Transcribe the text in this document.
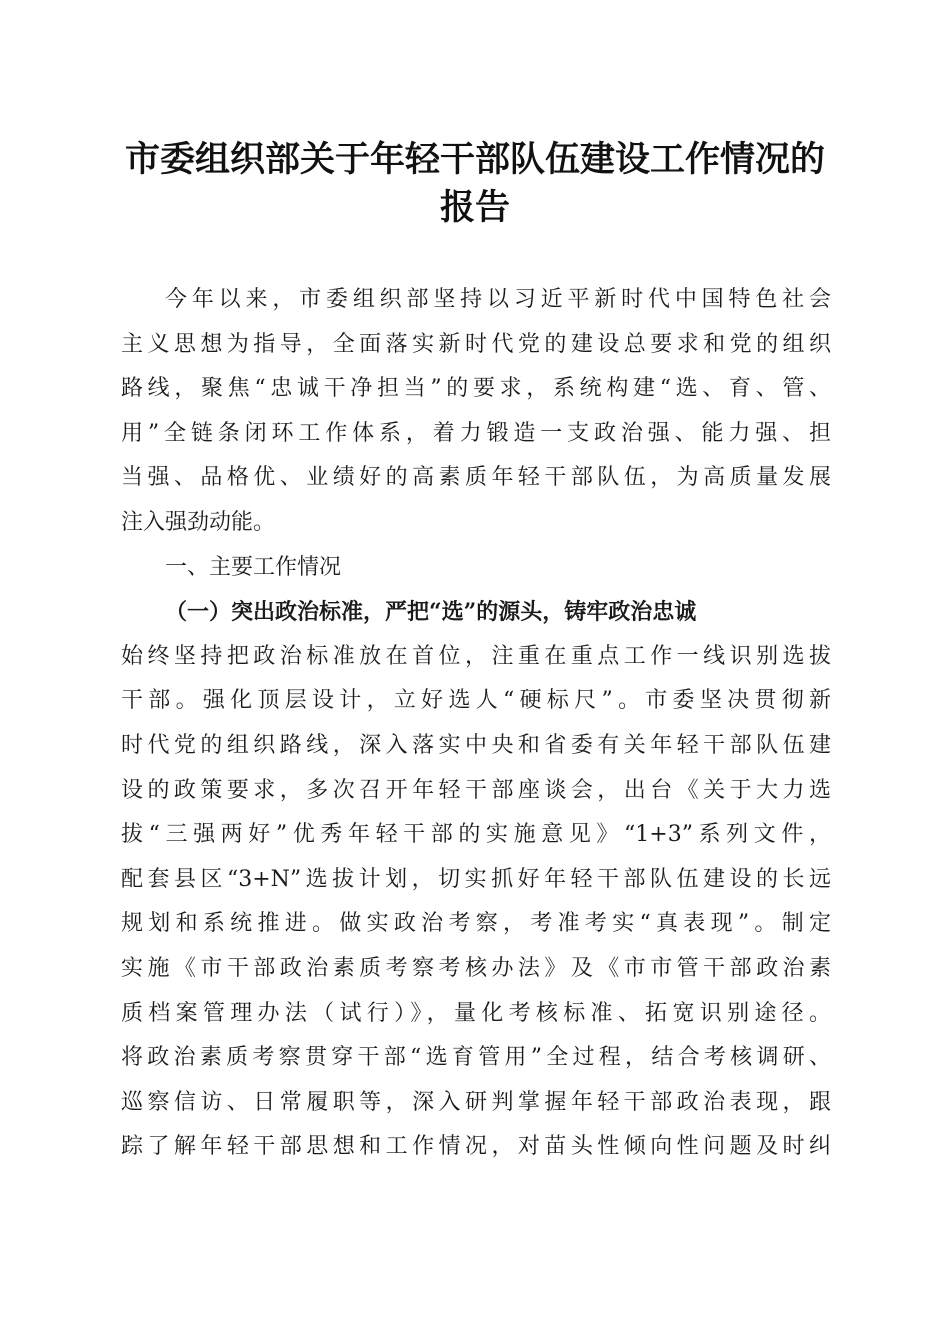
市委组织部关于年轻干部队伍建设工作情况的
报告
今年以来，市委组织部坚持以习近平新时代中国特色社会
主义思想为指导，全面落实新时代党的建设总要求和党的组织
路线，聚焦“忠诚干净担当”的要求，系统构建“选、育、管、
用”全链条闭环工作体系，着力锻造一支政治强、能力强、担
当强、品格优、业绩好的高素质年轻干部队伍，为高质量发展
注入强劲动能。
一、主要工作情况
（一）突出政治标准，严把“选”的源头，铸牢政治忠诚
始终坚持把政治标准放在首位，注重在重点工作一线识别选拔
干部。强化顶层设计，立好选人“硬标尺”。市委坚决贯彻新
时代党的组织路线，深入落实中央和省委有关年轻干部队伍建
设的政策要求，多次召开年轻干部座谈会，出台《关于大力选
拔“三强两好”优秀年轻干部的实施意见》“1+3”系列文件，
配套县区“3+N”选拔计划，切实抓好年轻干部队伍建设的长远
规划和系统推进。做实政治考察，考准考实“真表现”。制定
实施《市干部政治素质考察考核办法》及《市市管干部政治素
质档案管理办法（试行）》，量化考核标准、拓宽识别途径。
将政治素质考察贯穿干部“选育管用”全过程，结合考核调研、
巡察信访、日常履职等，深入研判掌握年轻干部政治表现，跟
踪了解年轻干部思想和工作情况，对苗头性倾向性问题及时纠
